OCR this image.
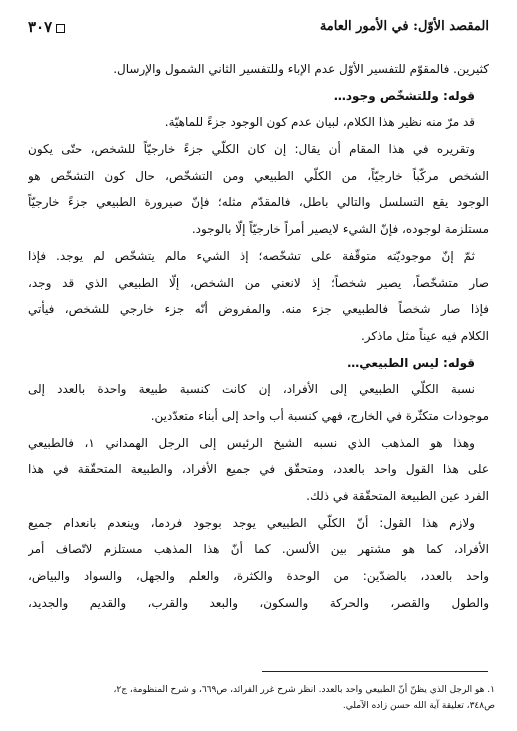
المقصد الأوّل: في الأمور العامة
٣٠٧
كثيرين. فالمقوّم للتفسير الأوّل عدم الإباء وللتفسير الثاني الشمول والإرسال.
قوله: وللتشخّص وجود…
قد مرّ منه نظير هذا الكلام، لبيان عدم كون الوجود جزءً للماهيّة.
وتقريره في هذا المقام أن يقال: إن كان الكلّي جزءً خارجيّاً للشخص، حتّى يكون
الشخص مركّباً خارجيّاً، من الكلّي الطبيعي ومن التشخّص، حال كون التشخّص هو
الوجود يقع التسلسل والتالي باطل، فالمقدّم مثله؛ فإنّ صيرورة الطبيعي جزءً خارجيّاً
مستلزمة لوجوده، فإنّ الشيء لايصير أمراً خارجيّاً إلّا بالوجود.
ثمّ إنّ موجوديّته متوقّفة على تشخّصه؛ إذ الشيء مالم يتشخّص لم يوجد. فإذا
صار متشخّصاً، يصير شخصاً؛ إذ لانعني من الشخص، إلّا الطبيعي الذي قد وجد،
فإذا صار شخصاً فالطبيعي جزء منه. والمفروض أنّه جزء خارجي للشخص، فيأتي
الكلام فيه عيناً مثل ماذكر.
قوله: ليس الطبيعي…
نسبة الكلّي الطبيعي إلى الأفراد، إن كانت كنسبة طبيعة واحدة بالعدد إلى
موجودات متكثّرة في الخارج، فهي كنسبة أب واحد إلى أبناء متعدّدين.
وهذا هو المذهب الذي نسبه الشيخ الرئيس إلى الرجل الهمداني ١، فالطبيعي
على هذا القول واحد بالعدد، ومتحقّق في جميع الأفراد، والطبيعة المتحقّقة في هذا
الفرد عين الطبيعة المتحقّقة في ذلك.
ولازم هذا القول: أنّ الكلّي الطبيعي يوجد بوجود فردما، وينعدم بانعدام جميع
الأفراد، كما هو مشتهر بين الألسن. كما أنّ هذا المذهب مستلزم لاتّصاف أمر
واحد بالعدد، بالضدّين: من الوحدة والكثرة، والعلم والجهل، والسواد والبياض،
والطول والقصر، والحركة والسكون، والبعد والقرب، والقديم والجديد،
١. هو الرجل الذي يظنّ أنّ الطبيعي واحد بالعدد. انظر شرح غرر الفرائد، ص٦٦٩، و شرح المنظومة، ج٢،
ص٣٤٨، تعليقة آية الله حسن زاده الآملي.
